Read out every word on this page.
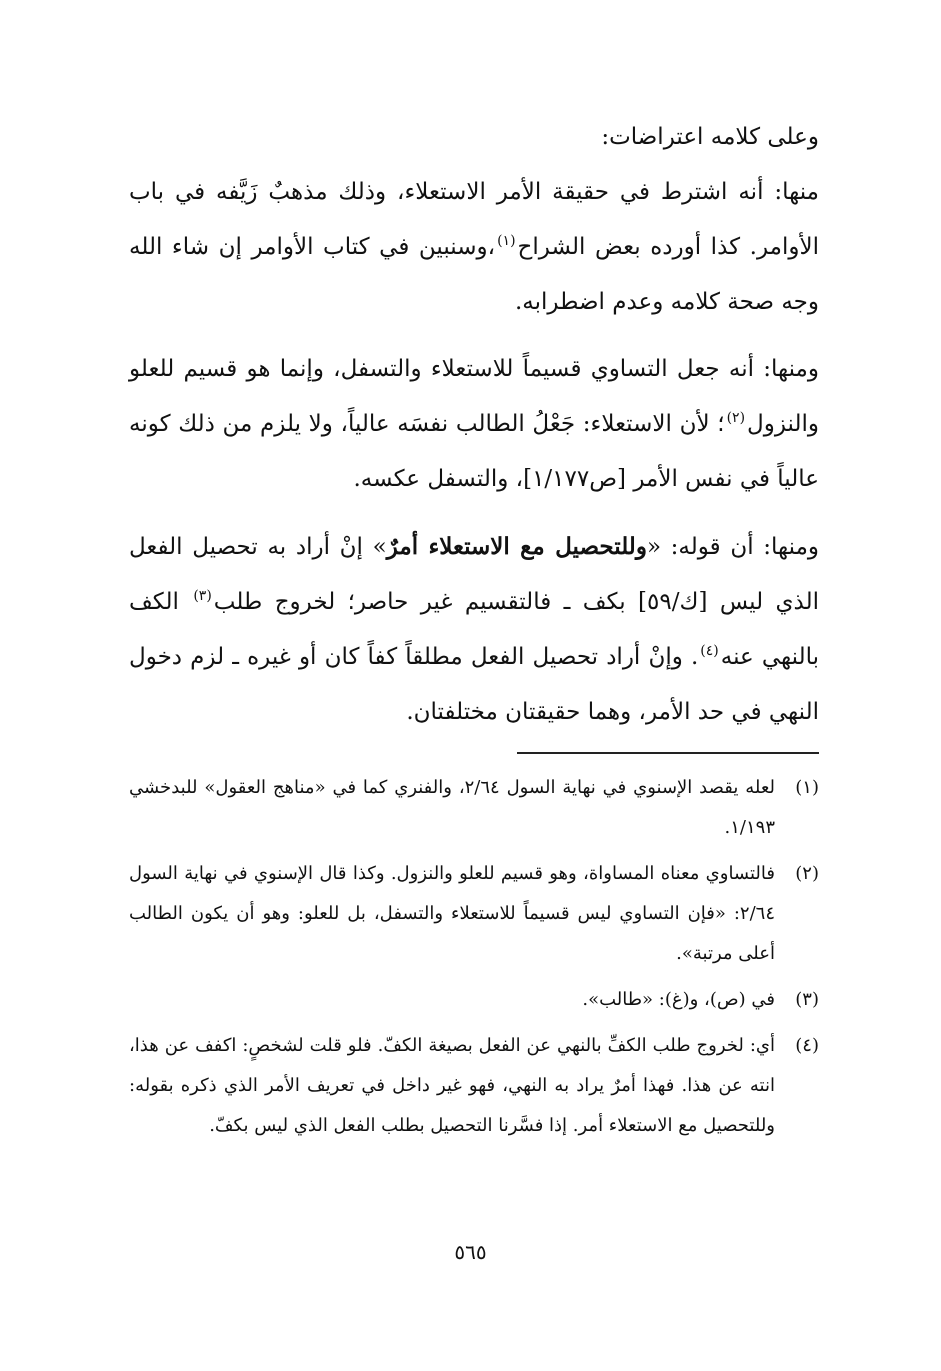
وعلى كلامه اعتراضات:

منها: أنه اشترط في حقيقة الأمر الاستعلاء، وذلك مذهبٌ زَيَّفه في باب الأوامر. كذا أورده بعض الشراح$^{(١)}$،وسنبين في كتاب الأوامر إن شاء الله وجه صحة كلامه وعدم اضطرابه.

ومنها: أنه جعل التساوي قسيماً للاستعلاء والتسفل، وإنما هو قسيم للعلو والنزول$^{(٢)}$؛ لأن الاستعلاء: جَعْلُ الطالب نفسَه عالياً، ولا يلزم من ذلك كونه عالياً في نفس الأمر [ص١/١٧٧]، والتسفل عكسه.

ومنها: أن قوله: «وللتحصيل مع الاستعلاء أمرٌ» إنْ أراد به تحصيل الفعل الذي ليس [ك/٥٩] بكف ـ فالتقسيم غير حاصر؛ لخروج طلب$^{(٣)}$ الكف بالنهي عنه$^{(٤)}$. وإنْ أراد تحصيل الفعل مطلقاً كفاً كان أو غيره ـ لزم دخول النهي في حد الأمر، وهما حقيقتان مختلفتان.

(١)
لعله يقصد الإسنوي في نهاية السول ٢/٦٤، والفنري كما في «مناهج العقول» للبدخشي ١/١٩٣.
(٢)
فالتساوي معناه المساواة، وهو قسيم للعلو والنزول. وكذا قال الإسنوي في نهاية السول ٢/٦٤: «فإن التساوي ليس قسيماً للاستعلاء والتسفل، بل للعلو: وهو أن يكون الطالب أعلى مرتبة».
(٣)
في (ص)، و(غ): «طالب».
(٤)
أي: لخروج طلب الكفِّ بالنهي عن الفعل بصيغة الكفّ. فلو قلت لشخصٍ: اكفف عن هذا، انته عن هذا. فهذا أمرٌ يراد به النهي، فهو غير داخل في تعريف الأمر الذي ذكره بقوله: وللتحصيل مع الاستعلاء أمر. إذا فسَّرنا التحصيل بطلب الفعل الذي ليس بكفّ.
٥٦٥
